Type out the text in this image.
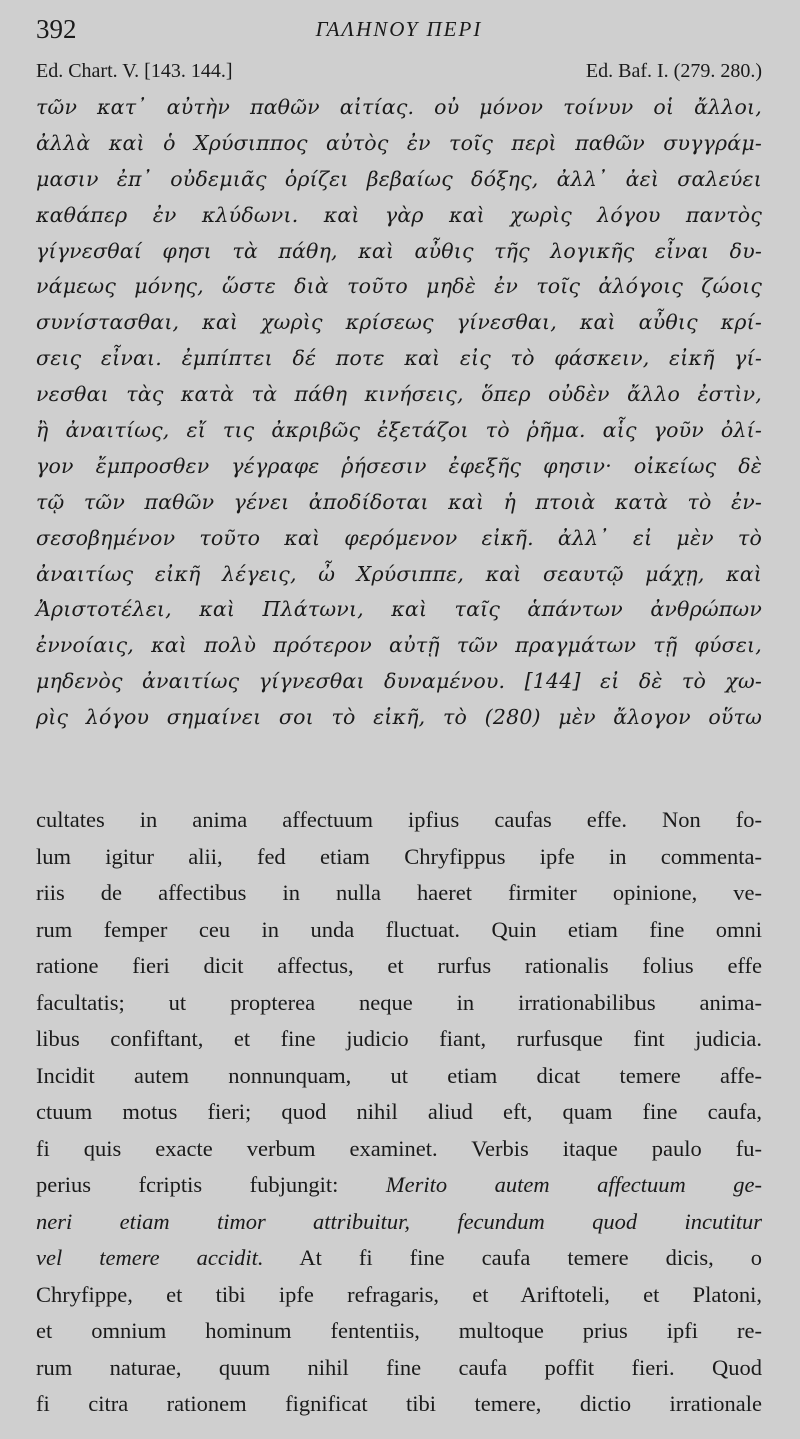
392	ΓΑΛΗΝΟΥ ΠΕΡΙ
Ed. Chart. V. [143. 144.]	Ed. Baf. I. (279. 280.)
τῶν κατ᾽ αὐτὴν παθῶν αἰτίας. οὐ μόνον τοίνυν οἱ ἄλλοι,
ἀλλὰ καὶ ὁ Χρύσιππος αὐτὸς ἐν τοῖς περὶ παθῶν συγγράμ-
μασιν ἐπ᾽ οὐδεμιᾶς ὁρίζει βεβαίως δόξης, ἀλλ᾽ ἀεὶ σαλεύει
καθάπερ ἐν κλύδωνι. καὶ γὰρ καὶ χωρὶς λόγου παντὸς
γίγνεσθαί φησι τὰ πάθη, καὶ αὖθις τῆς λογικῆς εἶναι δυ-
νάμεως μόνης, ὥστε διὰ τοῦτο μηδὲ ἐν τοῖς ἀλόγοις ζώοις
συνίστασθαι, καὶ χωρὶς κρίσεως γίνεσθαι, καὶ αὖθις κρί-
σεις εἶναι. ἐμπίπτει δέ ποτε καὶ εἰς τὸ φάσκειν, εἰκῆ γί-
νεσθαι τὰς κατὰ τὰ πάθη κινήσεις, ὅπερ οὐδὲν ἄλλο ἐστὶν,
ἢ ἀναιτίως, εἴ τις ἀκριβῶς ἐξετάζοι τὸ ῥῆμα. αἷς γοῦν ὀλί-
γον ἔμπροσθεν γέγραφε ῥήσεσιν ἐφεξῆς φησιν· οἰκείως δὲ
τῷ τῶν παθῶν γένει ἀποδίδοται καὶ ἡ πτοιὰ κατὰ τὸ ἐν-
σεσοβημένον τοῦτο καὶ φερόμενον εἰκῆ. ἀλλ᾽ εἰ μὲν τὸ
ἀναιτίως εἰκῆ λέγεις, ὦ Χρύσιππε, καὶ σεαυτῷ μάχῃ, καὶ
Ἀριστοτέλει, καὶ Πλάτωνι, καὶ ταῖς ἁπάντων ἀνθρώπων
ἐννοίαις, καὶ πολὺ πρότερον αὐτῇ τῶν πραγμάτων τῇ φύσει,
μηδενὸς ἀναιτίως γίγνεσθαι δυναμένου. [144] εἰ δὲ τὸ χω-
ρὶς λόγου σημαίνει σοι τὸ εἰκῆ, τὸ (280) μὲν ἄλογον οὕτω
cultates in anima affectuum ipfius caufas effe. Non fo-
lum igitur alii, fed etiam Chryfippus ipfe in commenta-
riis de affectibus in nulla haeret firmiter opinione, ve-
rum femper ceu in unda fluctuat. Quin etiam fine omni
ratione fieri dicit affectus, et rurfus rationalis folius effe
facultatis; ut propterea neque in irrationabilibus anima-
libus confiftant, et fine judicio fiant, rurfusque fint judicia.
Incidit autem nonnunquam, ut etiam dicat temere affe-
ctuum motus fieri; quod nihil aliud eft, quam fine caufa,
fi quis exacte verbum examinet. Verbis itaque paulo fu-
perius fcriptis fubjungit: Merito autem affectuum ge-
neri etiam timor attribuitur, fecundum quod incutitur
vel temere accidit. At fi fine caufa temere dicis, o
Chryfippe, et tibi ipfe refragaris, et Ariftoteli, et Platoni,
et omnium hominum fententiis, multoque prius ipfi re-
rum naturae, quum nihil fine caufa poffit fieri. Quod
fi citra rationem fignificat tibi temere, dictio irrationale
